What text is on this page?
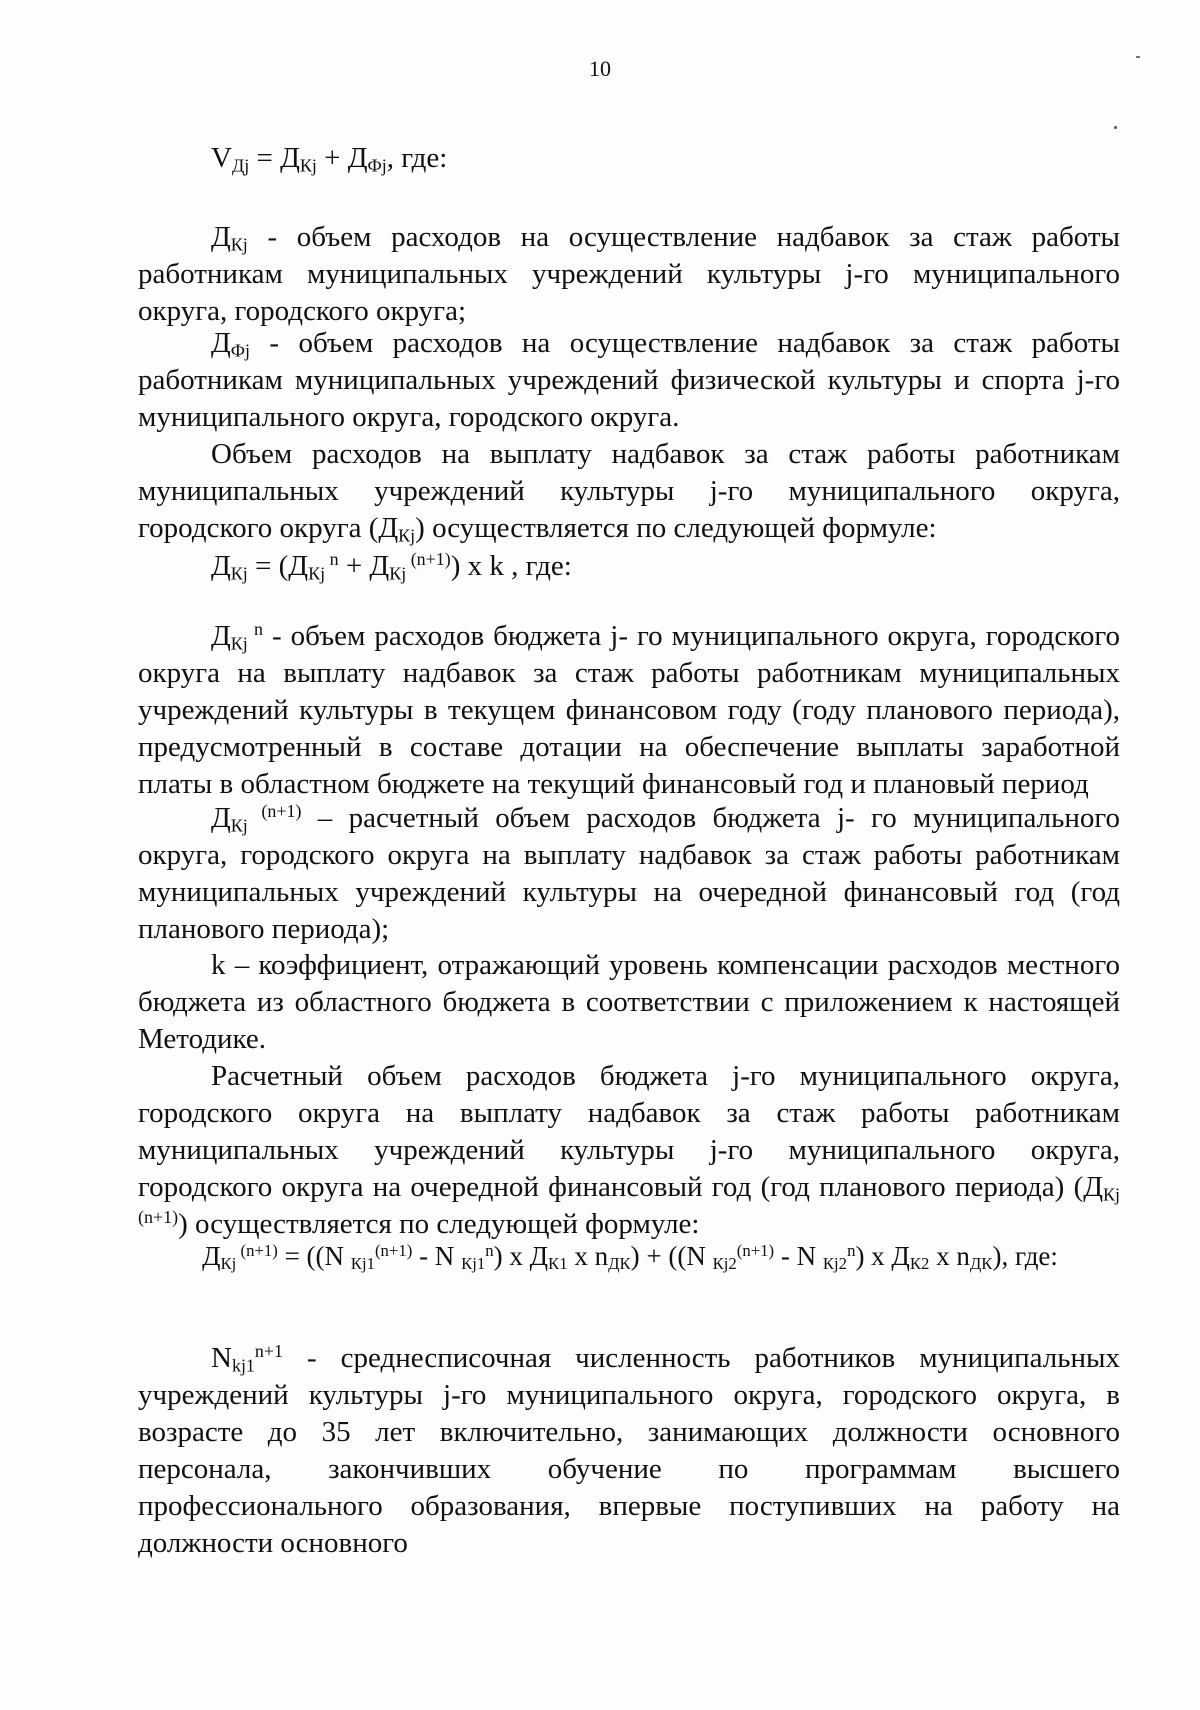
10

$V_{Дj} = Д_{Кj} + Д_{Фj}$, где:

$Д_{Кj}$ - объем расходов на осуществление надбавок за стаж работы работникам муниципальных учреждений культуры j-го муниципального округа, городского округа;

$Д_{Фj}$ - объем расходов на осуществление надбавок за стаж работы работникам муниципальных учреждений физической культуры и спорта j-го муниципального округа, городского округа.

Объем расходов на выплату надбавок за стаж работы работникам муниципальных учреждений культуры j-го муниципального округа, городского округа $(Д_{Кj})$ осуществляется по следующей формуле:

$Д_{Кj} = (Д_{Кj}$ $^n + Д_{Кj}$ $^{(n+1)}$) x k , где:

$Д_{Кj}$ $^n$ - объем расходов бюджета j- го муниципального округа, городского округа на выплату надбавок за стаж работы работникам муниципальных учреждений культуры в текущем финансовом году (году планового периода), предусмотренный в составе дотации на обеспечение выплаты заработной платы в областном бюджете на текущий финансовый год и плановый период

$Д_{Кj}$ $^{(n+1)}$ – расчетный объем расходов бюджета j- го муниципального округа, городского округа на выплату надбавок за стаж работы работникам муниципальных учреждений культуры на очередной финансовый год (год планового периода);

k – коэффициент, отражающий уровень компенсации расходов местного бюджета из областного бюджета в соответствии с приложением к настоящей Методике.

Расчетный объем расходов бюджета j-го муниципального округа, городского округа на выплату надбавок за стаж работы работникам муниципальных учреждений культуры j-го муниципального округа, городского округа на очередной финансовый год (год планового периода) ($Д_{Кj}$ $^{(n+1)}$) осуществляется по следующей формуле:

$Д_{Кj}$ $^{(n+1)}$ = ((N $_{Кj1}^{(n+1)}$ - N $_{Кj1}^n$) x $Д_{К1}$ x $n_{ДК}) + ((N$ $_{Кj2}^{(n+1)}$ - N $_{Кj2}^n$) x $Д_{К2}$ x $n_{ДК}$), где:

$N_{kj1}^{n+1}$ - среднесписочная численность работников муниципальных учреждений культуры j-го муниципального округа, городского округа, в возрасте до 35 лет включительно, занимающих должности основного персонала, закончивших обучение по программам высшего профессионального образования, впервые поступивших на работу на должности основного
